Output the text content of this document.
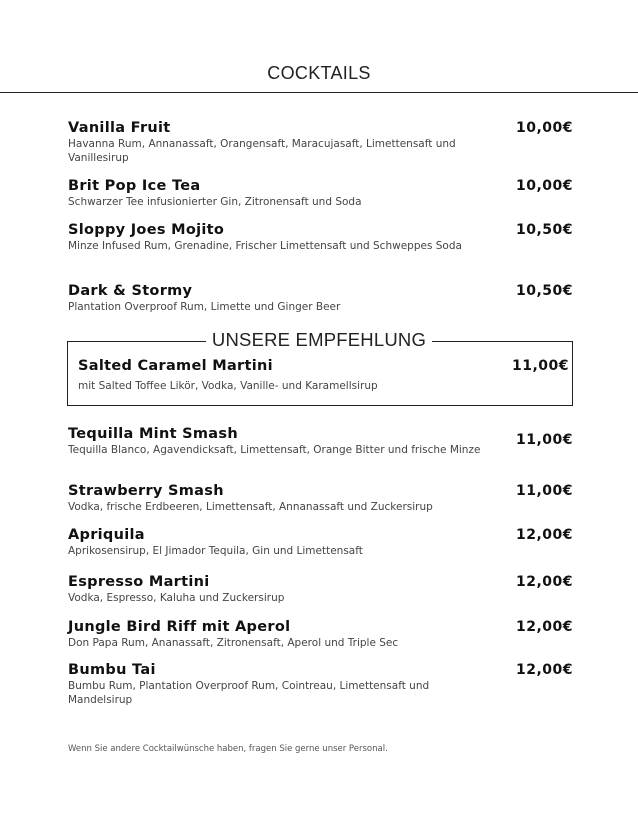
COCKTAILS
Vanilla Fruit
Havanna Rum, Annanassaft, Orangensaft, Maracujasaft, Limettensaft und Vanillesirup
10,00€
Brit Pop Ice Tea
Schwarzer Tee infusionierter Gin, Zitronensaft und Soda
10,00€
Sloppy Joes Mojito
Minze Infused Rum, Grenadine, Frischer Limettensaft und Schweppes Soda
10,50€
Dark & Stormy
Plantation Overproof Rum, Limette und Ginger Beer
10,50€
UNSERE EMPFEHLUNG
Salted Caramel Martini	11,00€
mit Salted Toffee Likör, Vodka, Vanille- und Karamellsirup
Tequilla Mint Smash
Tequilla Blanco, Agavendicksaft, Limettensaft, Orange Bitter und frische Minze
11,00€
Strawberry Smash
Vodka, frische Erdbeeren, Limettensaft, Annanassaft und Zuckersirup
11,00€
Apriquila
Aprikosensirup, El Jimador Tequila, Gin und Limettensaft
12,00€
Espresso Martini
Vodka, Espresso, Kaluha und Zuckersirup
12,00€
Jungle Bird Riff mit Aperol
Don Papa Rum, Ananassaft, Zitronensaft, Aperol und Triple Sec
12,00€
Bumbu Tai
Bumbu Rum, Plantation Overproof Rum, Cointreau, Limettensaft und Mandelsirup
12,00€
Wenn Sie andere Cocktailwünsche haben, fragen Sie gerne unser Personal.
